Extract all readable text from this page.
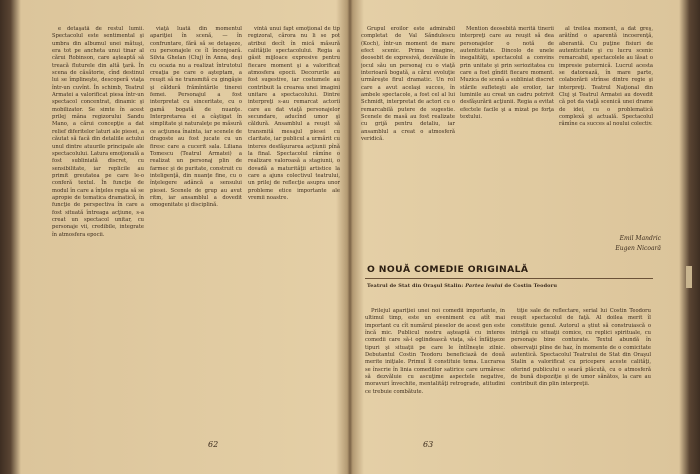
e detaşată de restul lumii. Spectacolul este sentimental şi umbra din albumul unei mătuşi, era tot pe ancheta unui tinar al cărui Robinson, care aşteaptă să treacă fluturele din altă ţară. În scena de căsătorie, cînd destinul lui se împlineşte, descoperă viaţa într-un cuvînt. În schimb, Teatrul Armatei a valorificat piesa într-un spectacol concentrat, dinamic şi mobilizator. Se simte în acest prilej mâna regizorului Sandu Mano, a cărui concepţie a dat relief diferitelor laturi ale piesei, a căutat să facă din detaliile actului unul dintre atuurile principale ale spectacolului. Latura emoţională a fost subliniată discret, cu sensibilitate, iar replicile au primit greutatea pe care le-o conferă textul. În funcţie de modul în care a înţeles regia să se apropie de tematica dramatică, în funcţie de perspectiva în care a fost situată întreaga acţiune, s-a creat un spectacol unitar, cu personaje vii, credibile, integrate în atmosfera epocii.

viaţă luată din momentul apariţiei în scenă, — în confruntare, fără să se detaşeze, cu personajele ce îl înconjoară. Silvia Ghelan (Cluj) în Anna, deşi cu ocazia nu a realizat întrutotul creaţia pe care o aşteptam, a reuşit să ne transmită cu gingăşie şi căldură frămîntările tinerei femei. Personajul a fost interpretat cu sinceritate, cu o gamă bogată de nuanţe. Interpretarea ei a câştigat în simplitate şi naturaleţe pe măsură ce acţiunea înainta, iar scenele de dragoste au fost jucate cu un firesc care a cucerit sala. Liliana Tomescu (Teatrul Armatei) a realizat un personaj plin de farmec şi de puritate, construit cu inteligenţă, din nuanţe fine, cu o înţelegere adâncă a sensului piesei. Scenele de grup au avut ritm, iar ansamblul a dovedit omogenitate şi disciplină.

vîntă unui fapt emoţional de tip regizoral, cărora nu li se pot atribui decît în mică măsură calităţile spectacolului. Regia a găsit mijloace expresive pentru fiecare moment şi a valorificat atmosfera epocii. Decorurile au fost sugestive, iar costumele au contribuit la crearea unei imagini unitare a spectacolului. Dintre interpreţi s-au remarcat actorii care au dat viaţă personajelor secundare, aducînd umor şi căldură. Ansamblul a reuşit să transmită mesajul piesei cu claritate, iar publicul a urmărit cu interes desfăşurarea acţiunii pînă la final. Spectacolul rămîne o realizare valoroasă a stagiunii, o dovadă a maturităţii artistice la care a ajuns colectivul teatrului, un prilej de reflecţie asupra unor probleme etice importante ale vremii noastre.

62

Grupul eroilor este admirabil completat de Val Săndulescu (Koch), într-un moment de mare efect scenic. Prima imagine, deosebit de expresivă, dezvăluie în jocul său un personaj cu o viaţă interioară bogată, a cărui evoluţie urmăreşte firul dramatic. Un rol care a avut acelaşi succes, în ambele spectacole, a fost cel al lui Schmidt, interpretat de actori cu o remarcabilă putere de sugestie. Scenele de masă au fost realizate cu grijă pentru detaliu, iar ansamblul a creat o atmosferă veridică.

Mention deosebită merită tinerii interpreţi care au reuşit să dea personajelor o notă de autenticitate. Dincolo de unele inegalităţi, spectacolul a convins prin unitate şi prin seriozitatea cu care a fost gîndit fiecare moment. Muzica de scenă a subliniat discret stările sufleteşti ale eroilor, iar luminile au creat un cadru potrivit desfăşurării acţiunii. Regia a evitat efectele facile şi a mizat pe forţa textului.

al treilea moment, a dat greş, arătînd o aparentă incoerenţă, aberantă. Cu puţine fisiuri de autenticitate şi cu lucru scenic remarcabil, spectacolele au lăsat o impresie puternică. Lucrul acesta se datorează, în mare parte, colaborării strînse dintre regie şi interpreţi. Teatrul Naţional din Cluj şi Teatrul Armatei au dovedit că pot da viaţă scenică unei drame de idei, cu o problematică complexă şi actuală. Spectacolul rămîne ca succes al noului colectiv.

Emil Mandric
Eugen Nicoară
O NOUĂ COMEDIE ORIGINALĂ
Teatrul de Stat din Oraşul Stalin: Partea leului de Costin Teodoru

Prilejul apariţiei unei noi comedii importante, în ultimul timp, este un eveniment cu atît mai important cu cît numărul pieselor de acest gen este încă mic. Publicul nostru aşteaptă cu interes comedii care să-i oglindească viaţa, să-i înfăţişeze tipuri şi situaţii pe care le întîlneşte zilnic. Debutantul Costin Teodoru beneficiază de două merite iniţiale. Primul îl constituie tema. Lucrarea se înscrie în linia comediilor satirice care urmăresc să dezvăluie cu ascuţime aspectele negative, moravuri învechite, mentalităţi retrograde, atitudini ce trebuie combătute.

tiţie sale de reflectare, serial lui Costin Teodoru reuşit spectacolul de faţă. Al doilea merit îl constituie genul. Autorul a ştiut să construiască o intrigă cu situaţii comice, cu replici spirituale, cu personaje bine conturate. Textul abundă în observaţii pline de haz, în momente de o comicitate autentică. Spectacolul Teatrului de Stat din Oraşul Stalin a valorificat cu pricepere aceste calităţi, oferind publicului o seară plăcută, cu o atmosferă de bună dispoziţie şi de umor sănătos, la care au contribuit din plin interpreţii.

63
